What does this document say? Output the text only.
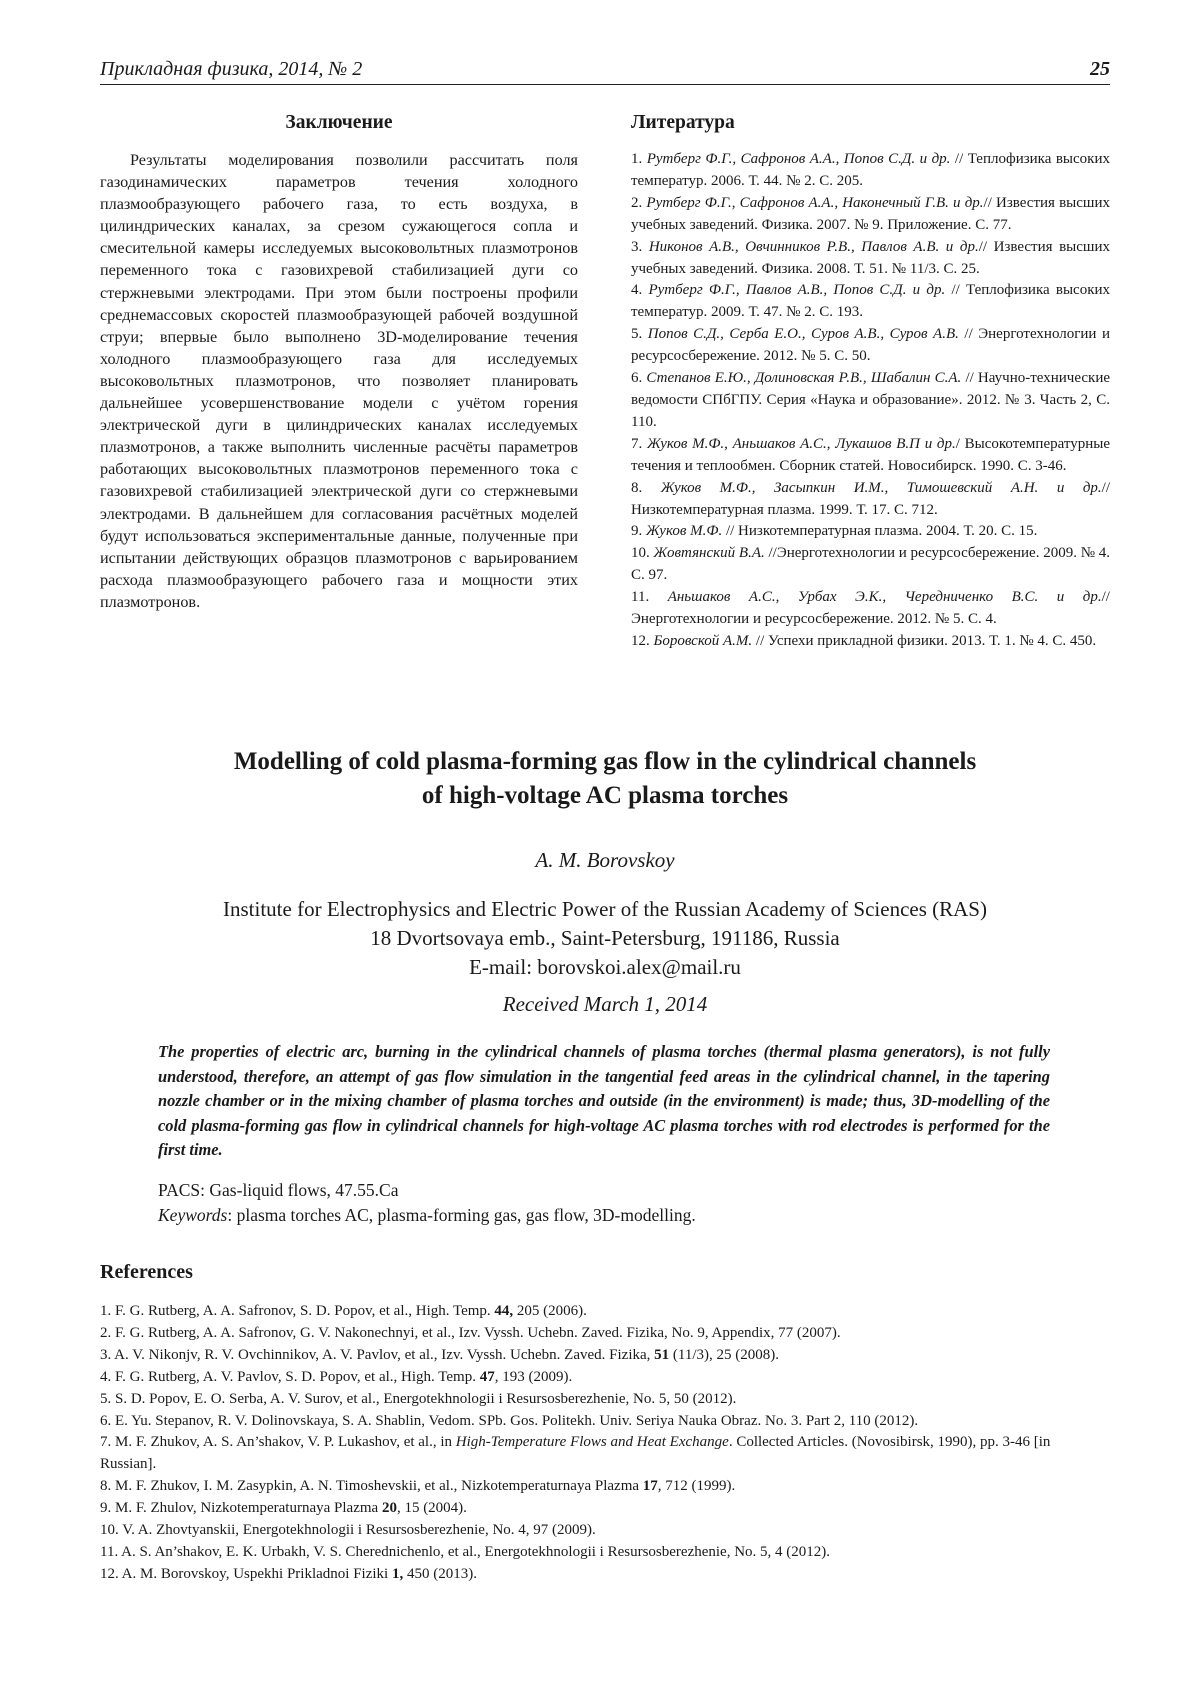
Прикладная физика, 2014, № 2	25
Заключение

Результаты моделирования позволили рассчитать поля газодинамических параметров течения холодного плазмообразующего рабочего газа, то есть воздуха, в цилиндрических каналах, за срезом сужающегося сопла и смесительной камеры исследуемых высоковольтных плазмотронов переменного тока с газовихревой стабилизацией дуги со стержневыми электродами. При этом были построены профили среднемассовых скоростей плазмообразующей рабочей воздушной струи; впервые было выполнено 3D-моделирование течения холодного плазмообразующего газа для исследуемых высоковольтных плазмотронов, что позволяет планировать дальнейшее усовершенствование модели с учётом горения электрической дуги в цилиндрических каналах исследуемых плазмотронов, а также выполнить численные расчёты параметров работающих высоковольтных плазмотронов переменного тока с газовихревой стабилизацией электрической дуги со стержневыми электродами. В дальнейшем для согласования расчётных моделей будут использоваться экспериментальные данные, полученные при испытании действующих образцов плазмотронов с варьированием расхода плазмообразующего рабочего газа и мощности этих плазмотронов.

Литература

1. Рутберг Ф.Г., Сафронов А.А., Попов С.Д. и др. // Теплофизика высоких температур. 2006. Т. 44. № 2. С. 205.

2. Рутберг Ф.Г., Сафронов А.А., Наконечный Г.В. и др.// Известия высших учебных заведений. Физика. 2007. № 9. Приложение. С. 77.

3. Никонов А.В., Овчинников Р.В., Павлов А.В. и др.// Известия высших учебных заведений. Физика. 2008. Т. 51. № 11/3. С. 25.

4. Рутберг Ф.Г., Павлов А.В., Попов С.Д. и др. // Теплофизика высоких температур. 2009. Т. 47. № 2. С. 193.

5. Попов С.Д., Серба Е.О., Суров А.В., Суров А.В. // Энерготехнологии и ресурсосбережение. 2012. № 5. С. 50.

6. Степанов Е.Ю., Долиновская Р.В., Шабалин С.А. // Научно-технические ведомости СПбГПУ. Серия «Наука и образование». 2012. № 3. Часть 2, С. 110.

7. Жуков М.Ф., Аньшаков А.С., Лукашов В.П и др./ Высокотемпературные течения и теплообмен. Сборник статей. Новосибирск. 1990. С. 3-46.

8. Жуков М.Ф., Засыпкин И.М., Тимошевский А.Н. и др.// Низкотемпературная плазма. 1999. Т. 17. С. 712.

9. Жуков М.Ф. // Низкотемпературная плазма. 2004. Т. 20. С. 15.

10. Жовтянский В.А. //Энерготехнологии и ресурсосбережение. 2009. № 4. С. 97.

11. Аньшаков А.С., Урбах Э.К., Чередниченко В.С. и др.// Энерготехнологии и ресурсосбережение. 2012. № 5. С. 4.

12. Боровской А.М. // Успехи прикладной физики. 2013. Т. 1. № 4. С. 450.

Modelling of cold plasma-forming gas flow in the cylindrical channels
of high-voltage AC plasma torches
A. M. Borovskoy
Institute for Electrophysics and Electric Power of the Russian Academy of Sciences (RAS)
18 Dvortsovaya emb., Saint-Petersburg, 191186, Russia
E-mail: borovskoi.alex@mail.ru
Received March 1, 2014

The properties of electric arc, burning in the cylindrical channels of plasma torches (thermal plasma generators), is not fully understood, therefore, an attempt of gas flow simulation in the tangential feed areas in the cylindrical channel, in the tapering nozzle chamber or in the mixing chamber of plasma torches and outside (in the environment) is made; thus, 3D-modelling of the cold plasma-forming gas flow in cylindrical channels for high-voltage AC plasma torches with rod electrodes is performed for the first time.

PACS: Gas-liquid flows, 47.55.Ca
Keywords: plasma torches AC, plasma-forming gas, gas flow, 3D-modelling.
References

1. F. G. Rutberg, A. A. Safronov, S. D. Popov, et al., High. Temp. 44, 205 (2006).

2. F. G. Rutberg, A. A. Safronov, G. V. Nakonechnyi, et al., Izv. Vyssh. Uchebn. Zaved. Fizika, No. 9, Appendix, 77 (2007).

3. A. V. Nikonjv, R. V. Ovchinnikov, A. V. Pavlov, et al., Izv. Vyssh. Uchebn. Zaved. Fizika, 51 (11/3), 25 (2008).

4. F. G. Rutberg, A. V. Pavlov, S. D. Popov, et al., High. Temp. 47, 193 (2009).

5. S. D. Popov, E. O. Serba, A. V. Surov, et al., Energotekhnologii i Resursosberezhenie, No. 5, 50 (2012).

6. E. Yu. Stepanov, R. V. Dolinovskaya, S. A. Shablin, Vedom. SPb. Gos. Politekh. Univ. Seriya Nauka Obraz. No. 3. Part 2, 110 (2012).

7. M. F. Zhukov, A. S. An’shakov, V. P. Lukashov, et al., in High-Temperature Flows and Heat Exchange. Collected Articles. (Novosibirsk, 1990), pp. 3-46 [in Russian].

8. M. F. Zhukov, I. M. Zasypkin, A. N. Timoshevskii, et al., Nizkotemperaturnaya Plazma 17, 712 (1999).

9. M. F. Zhulov, Nizkotemperaturnaya Plazma 20, 15 (2004).

10. V. A. Zhovtyanskii, Energotekhnologii i Resursosberezhenie, No. 4, 97 (2009).

11. A. S. An’shakov, E. K. Urbakh, V. S. Cherednichenlo, et al., Energotekhnologii i Resursosberezhenie, No. 5, 4 (2012).

12. A. M. Borovskoy, Uspekhi Prikladnoi Fiziki 1, 450 (2013).
